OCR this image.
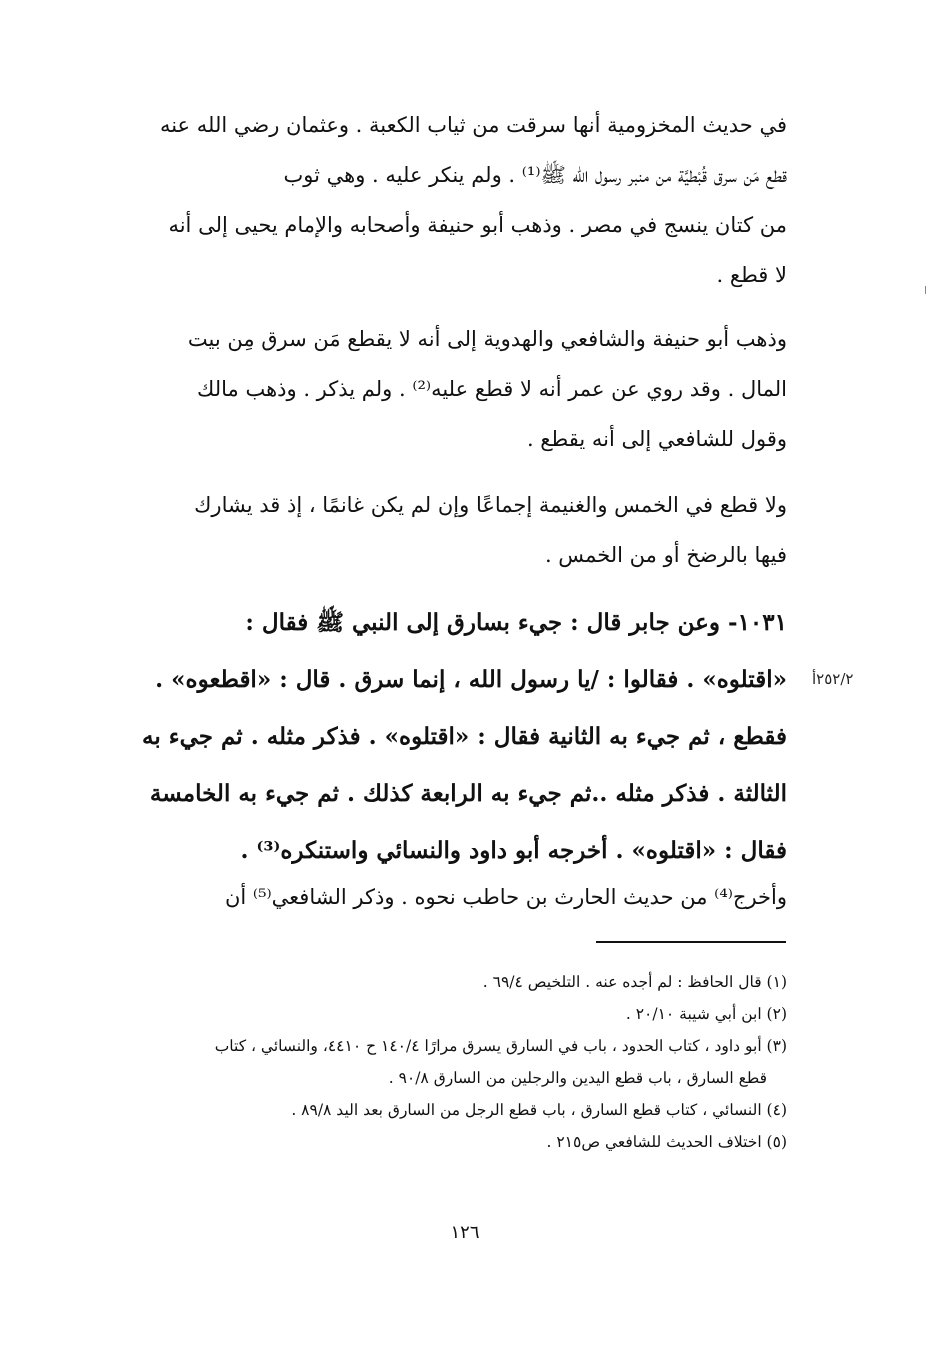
في حديث المخزومية أنها سرقت من ثياب الكعبة . وعثمان رضي الله عنه
قطع مَن سرق قُبْطيَّة من منبر رسول الله ﷺ⁽¹⁾ . ولم ينكر عليه . وهي ثوب
من كتان ينسج في مصر . وذهب أبو حنيفة وأصحابه والإمام يحيى إلى أنه
لا قطع .
وذهب أبو حنيفة والشافعي والهدوية إلى أنه لا يقطع مَن سرق مِن بيت
المال . وقد روي عن عمر أنه لا قطع عليه⁽²⁾ . ولم يذكر . وذهب مالك
وقول للشافعي إلى أنه يقطع .
ولا قطع في الخمس والغنيمة إجماعًا وإن لم يكن غانمًا ، إذ قد يشارك
فيها بالرضخ أو من الخمس .
١٠٣١- وعن جابر قال : جيء بسارق إلى النبي ﷺ فقال :
«اقتلوه» . فقالوا : /يا رسول الله ، إنما سرق . قال : «اقطعوه» .
فقطع ، ثم جيء به الثانية فقال : «اقتلوه» . فذكر مثله . ثم جيء به
الثالثة . فذكر مثله ..ثم جيء به الرابعة كذلك . ثم جيء به الخامسة
فقال : «اقتلوه» . أخرجه أبو داود والنسائي واستنكره⁽³⁾ .
٢٥٢/٢أ
وأخرج⁽⁴⁾ من حديث الحارث بن حاطب نحوه . وذكر الشافعي⁽⁵⁾ أن
(١) قال الحافظ : لم أجده عنه . التلخيص ٦٩/٤ .
(٢) ابن أبي شيبة ٢٠/١٠ .
(٣) أبو داود ، كتاب الحدود ، باب في السارق يسرق مرارًا ١٤٠/٤ ح ٤٤١٠، والنسائي ، كتاب
قطع السارق ، باب قطع اليدين والرجلين من السارق ٩٠/٨ .
(٤) النسائي ، كتاب قطع السارق ، باب قطع الرجل من السارق بعد اليد ٨٩/٨ .
(٥) اختلاف الحديث للشافعي ص٢١٥ .
١٢٦
